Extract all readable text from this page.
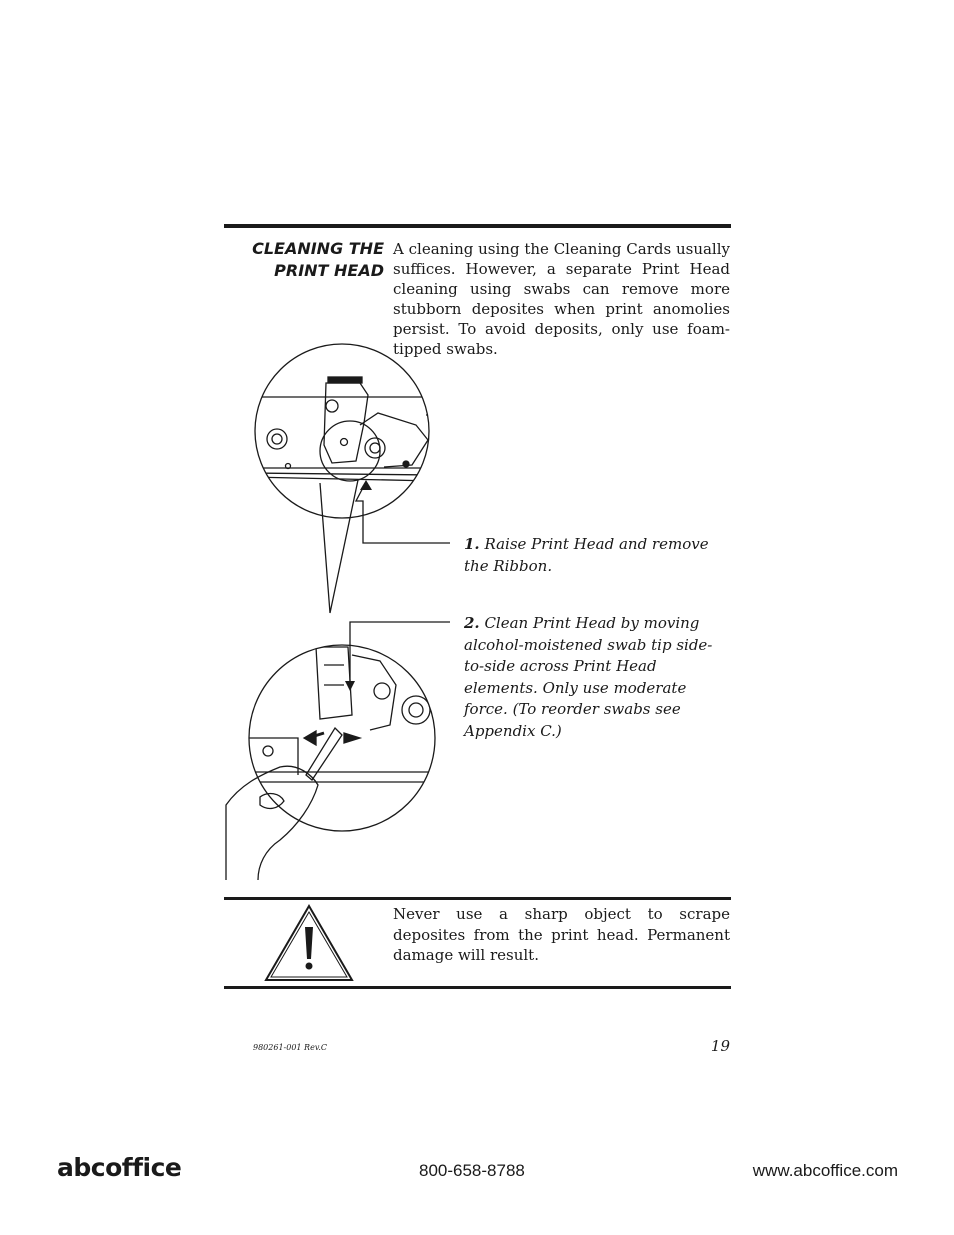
CLEANING THE
PRINT HEAD
A cleaning using the Cleaning Cards usually suffices. However, a separate Print Head cleaning using swabs can remove more stubborn deposites when print anomolies persist. To avoid deposits, only use foam-tipped swabs.
1. Raise Print Head and remove the Ribbon.
2. Clean Print Head by moving alcohol-moistened swab tip side-to-side across Print Head elements. Only use moderate force. (To reorder swabs see Appendix C.)
Never use a sharp object to scrape deposites from the print head. Permanent damage will result.
980261-001 Rev.C	19
abcoffice	800-658-8788	www.abcoffice.com
